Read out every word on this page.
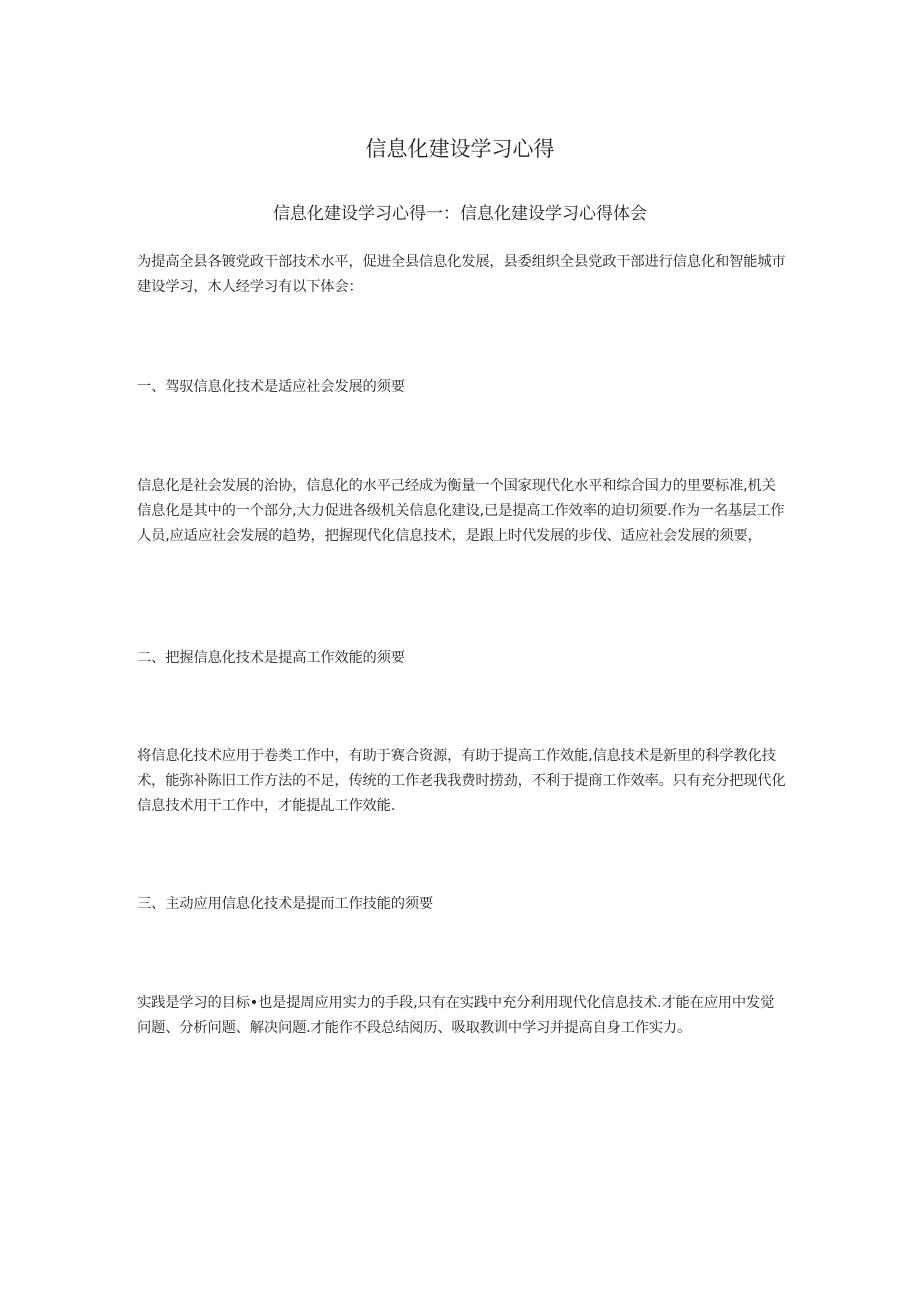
信息化建设学习心得
信息化建设学习心得一：信息化建设学习心得体会

为提高全县各镀党政干部技术水平，促进全县信息化发展，县委组织全县党政干部进行信息化和智能城市建设学习，木人经学习有以下体会：

一、驾驭信息化技术是适应社会发展的须要

信息化是社会发展的治协，信息化的水平己经成为衡量一个国家现代化水平和综合国力的里要标准,机关信息化是其中的一个部分,大力促进各级机关信息化建设,已是提高工作效率的迫切须要.作为一名基层工作人员,应适应社会发展的趋势，把握现代化信息技术，是跟上时代发展的步伐、适应社会发展的须要，

二、把握信息化技术是提高工作效能的须要

将信息化技术应用于卷类工作中，有助于赛合资源，有助于提高工作效能,信息技术是新里的科学教化技术，能弥补陈旧工作方法的不足，传统的工作老我我费时捞劲，不利于提商工作效率。只有充分把现代化信息技术用干工作中，才能提乩工作效能.

三、主动应用信息化技术是提而工作技能的须要

实践是学习的目标•也是提周应用实力的手段,只有在实践中充分利用现代化信息技术.才能在应用中发觉问题、分析问题、解决问题.才能作不段总结阅历、吸取教训中学习并提高自身工作实力。
